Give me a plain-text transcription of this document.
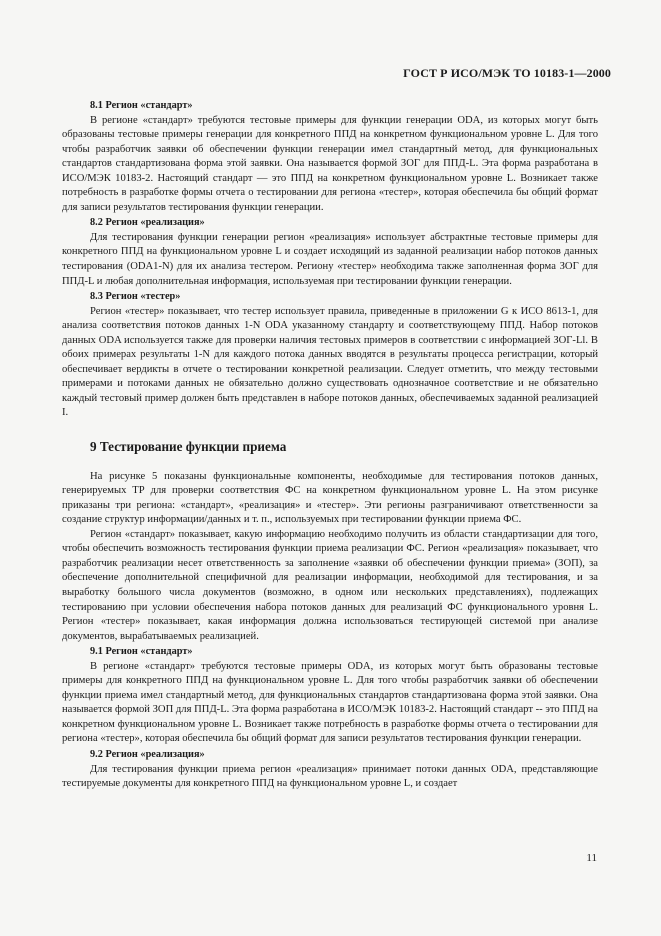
ГОСТ Р ИСО/МЭК ТО 10183-1—2000

8.1 Регион «стандарт»

В регионе «стандарт» требуются тестовые примеры для функции генерации ODA, из которых могут быть образованы тестовые примеры генерации для конкретного ППД на конкретном функциональном уровне L. Для того чтобы разработчик заявки об обеспечении функции генерации имел стандартный метод, для функциональных стандартов стандартизована форма этой заявки. Она называется формой ЗОГ для ППД-L. Эта форма разработана в ИСО/МЭК 10183-2. Настоящий стандарт — это ППД на конкретном функциональном уровне L. Возникает также потребность в разработке формы отчета о тестировании для региона «тестер», которая обеспечила бы общий формат для записи результатов тестирования функции генерации.

8.2 Регион «реализация»

Для тестирования функции генерации регион «реализация» использует абстрактные тестовые примеры для конкретного ППД на функциональном уровне L и создает исходящий из заданной реализации набор потоков данных тестирования (ODA1-N) для их анализа тестером. Региону «тестер» необходима также заполненная форма ЗОГ для ППД-L и любая дополнительная информация, используемая при тестировании функции генерации.

8.3 Регион «тестер»

Регион «тестер» показывает, что тестер использует правила, приведенные в приложении G к ИСО 8613-1, для анализа соответствия потоков данных 1-N ODA указанному стандарту и соответствующему ППД. Набор потоков данных ODA используется также для проверки наличия тестовых примеров в соответствии с информацией ЗОГ-Ll. В обоих примерах результаты 1-N для каждого потока данных вводятся в результаты процесса регистрации, который обеспечивает вердикты в отчете о тестировании конкретной реализации. Следует отметить, что между тестовыми примерами и потоками данных не обязательно должно существовать однозначное соответствие и не обязательно каждый тестовый пример должен быть представлен в наборе потоков данных, обеспечиваемых заданной реализацией I.

9 Тестирование функции приема

На рисунке 5 показаны функциональные компоненты, необходимые для тестирования потоков данных, генерируемых ТР для проверки соответствия ФС на конкретном функциональном уровне L. На этом рисунке приказаны три региона: «стандарт», «реализация» и «тестер». Эти регионы разграничивают ответственности за создание структур информации/данных и т. п., используемых при тестировании функции приема ФС.

Регион «стандарт» показывает, какую информацию необходимо получить из области стандартизации для того, чтобы обеспечить возможность тестирования функции приема реализации ФС. Регион «реализация» показывает, что разработчик реализации несет ответственность за заполнение «заявки об обеспечении функции приема» (ЗОП), за обеспечение дополнительной специфичной для реализации информации, необходимой для тестирования, и за выработку большого числа документов (возможно, в одном или нескольких представлениях), подлежащих тестированию при условии обеспечения набора потоков данных для реализаций ФС функционального уровня L. Регион «тестер» показывает, какая информация должна использоваться тестирующей системой при анализе документов, вырабатываемых реализацией.

9.1 Регион «стандарт»

В регионе «стандарт» требуются тестовые примеры ODA, из которых могут быть образованы тестовые примеры для конкретного ППД на функциональном уровне L. Для того чтобы разработчик заявки об обеспечении функции приема имел стандартный метод, для функциональных стандартов стандартизована форма этой заявки. Она называется формой ЗОП для ППД-L. Эта форма разработана в ИСО/МЭК 10183-2. Настоящий стандарт -- это ППД на конкретном функциональном уровне L. Возникает также потребность в разработке формы отчета о тестировании для региона «тестер», которая обеспечила бы общий формат для записи результатов тестирования функции генерации.

9.2 Регион «реализация»

Для тестирования функции приема регион «реализация» принимает потоки данных ODA, представляющие тестируемые документы для конкретного ППД на функциональном уровне L, и создает

11
